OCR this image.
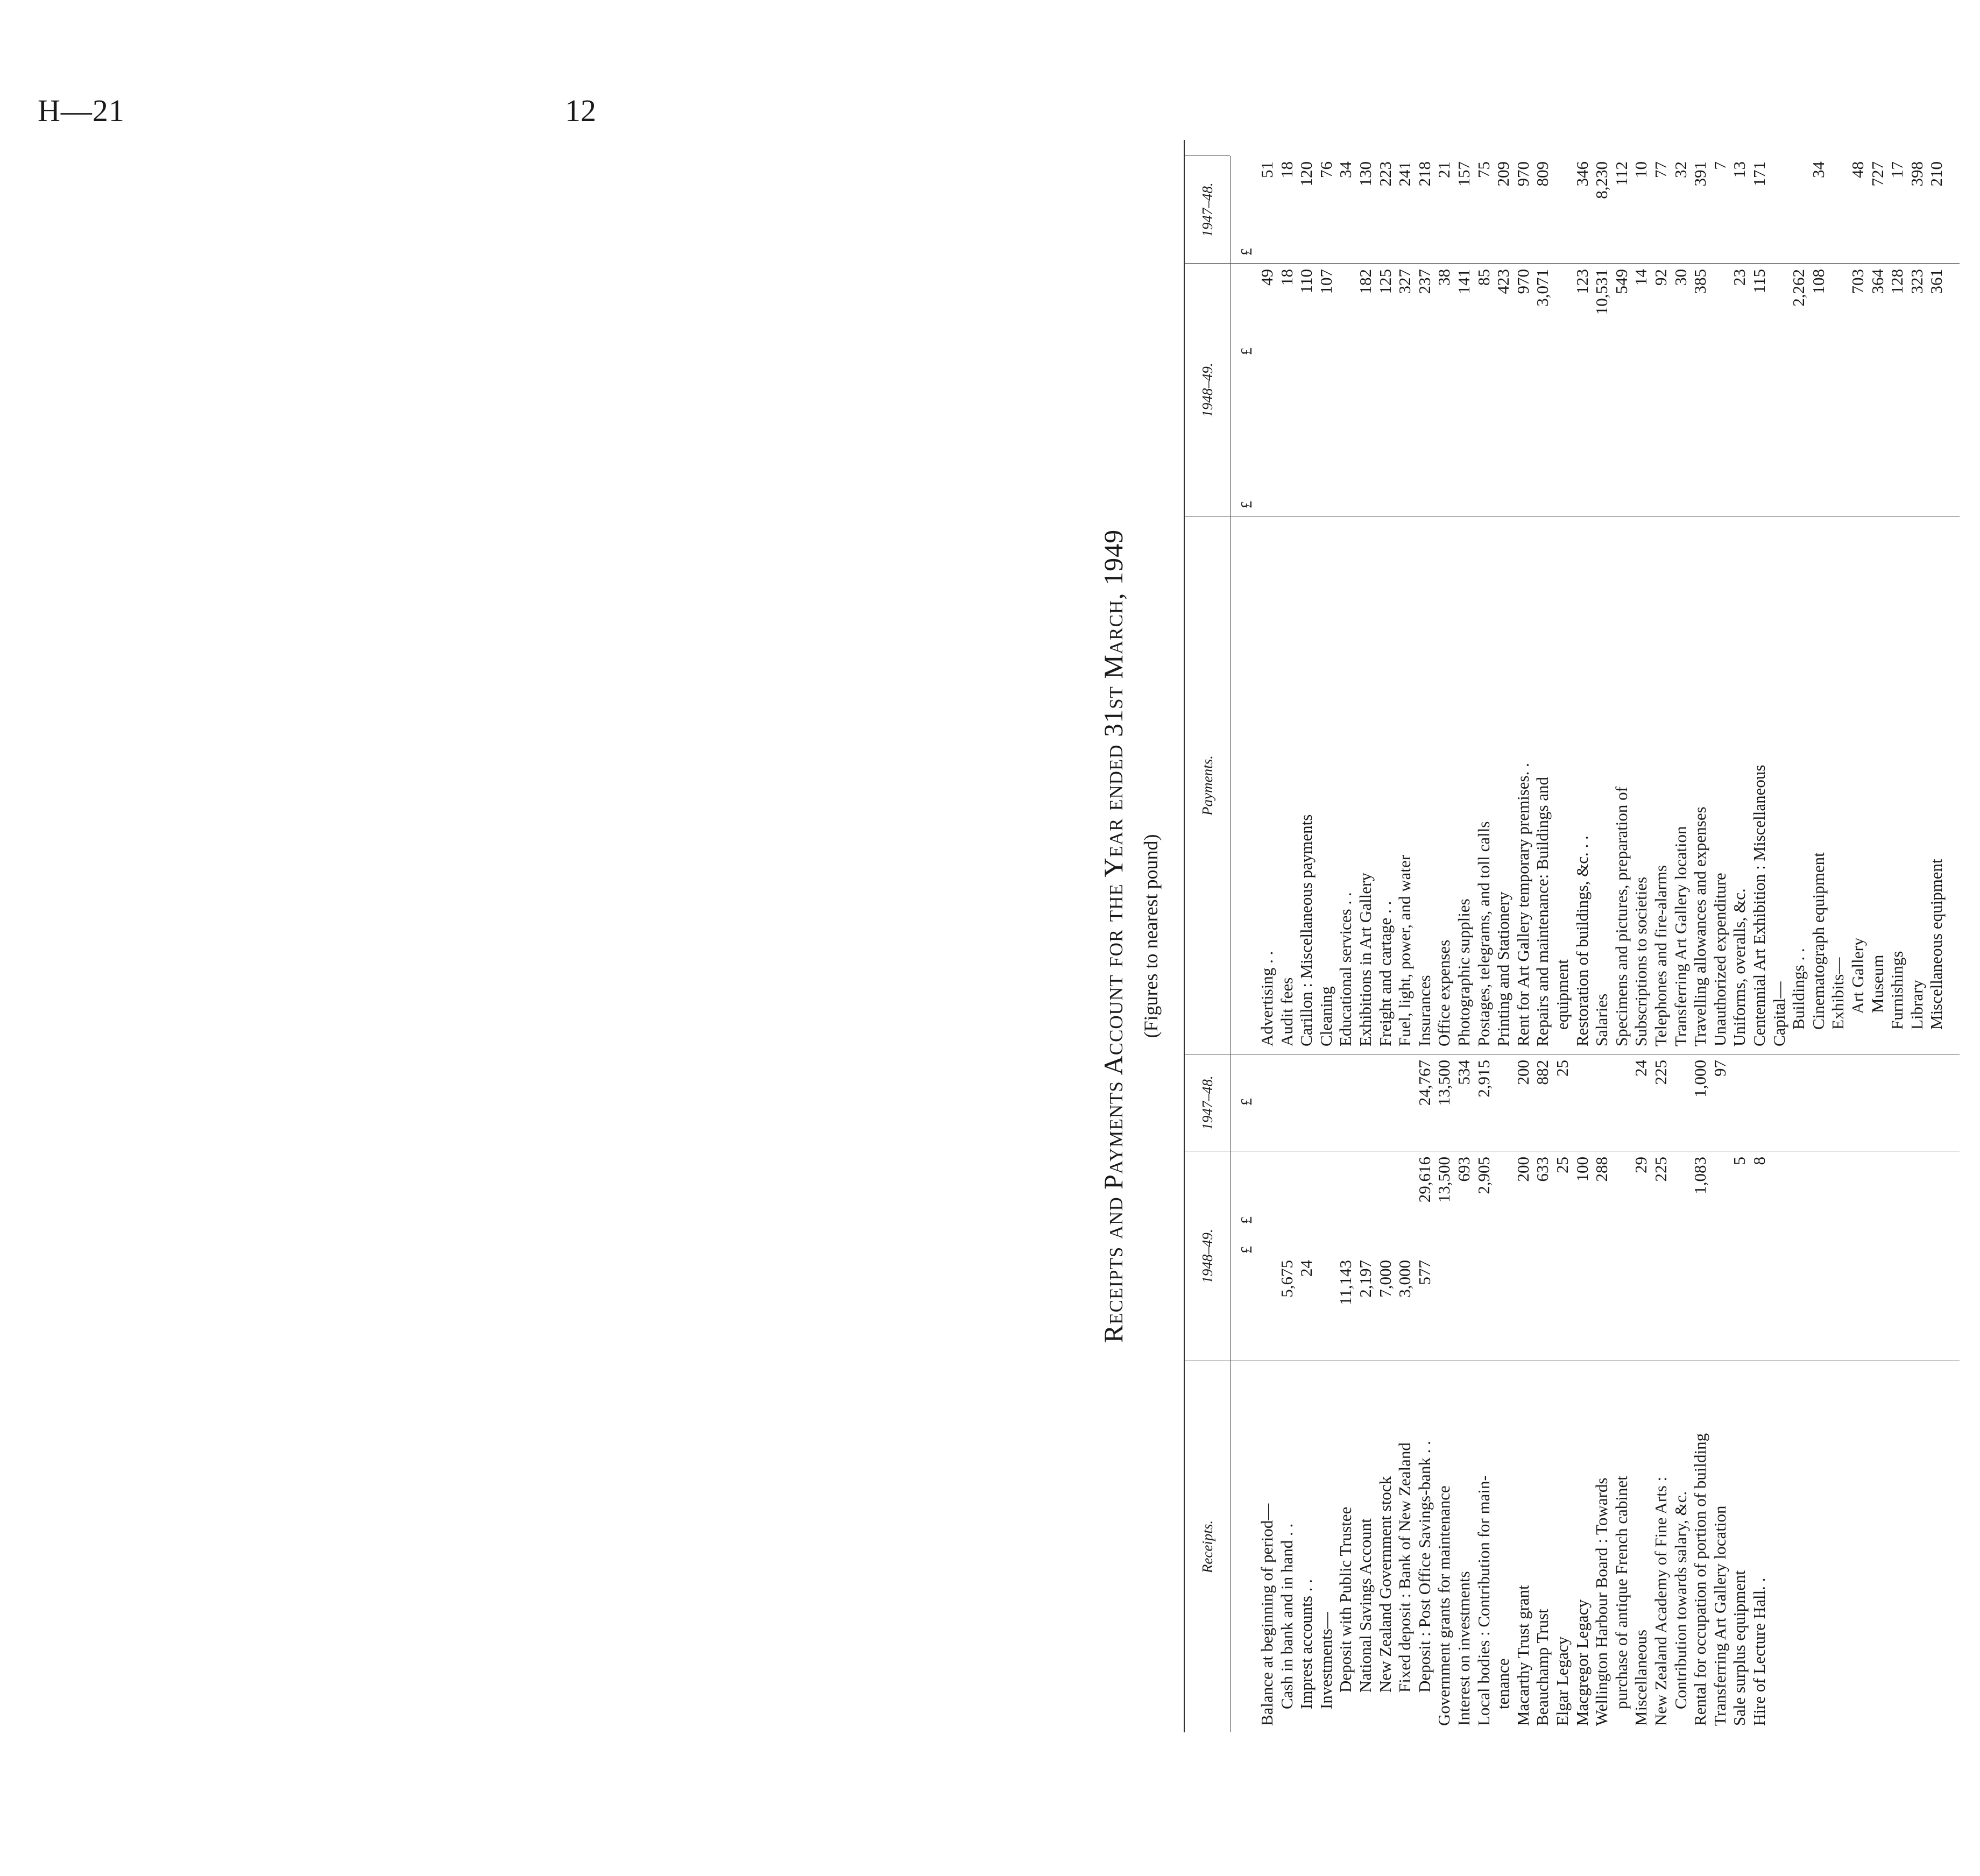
H—21	12
Receipts and Payments Account for the Year ended 31st March, 1949 (Figures to nearest pound)
Receipts.
1948–49.
1947–48.
Payments.
1948–49.
1947–48.
£
£
£
£
£
£
Balance at beginning of period— Cash in bank and in hand . .
5,675
Imprest accounts . .
24
Investments— Deposit with Public Trustee
11,143
National Savings Account
2,197
New Zealand Government stock
7,000
Fixed deposit : Bank of New Zealand
3,000
Deposit : Post Office Savings-bank . .
577
29,616
24,767
Government grants for maintenance
13,500
13,500
Interest on investments
693
534
Local bodies : Contribution for main-
2,905
2,915
tenance Macarthy Trust grant
200
200
Beauchamp Trust
633
882
Elgar Legacy
25
25
Macgregor Legacy
100
Wellington Harbour Board : Towards
288
purchase of antique French cabinet Miscellaneous
29
24
New Zealand Academy of Fine Arts :
225
225
Contribution towards salary, &c. Rental for occupation of portion of building
1,083
1,000
Transferring Art Gallery location
97
Sale surplus equipment
5
Hire of Lecture Hall. .
8
Advertising . .
49
51
Audit fees
18
18
Carillon : Miscellaneous payments
110
120
Cleaning
107
76
Educational services . .
34
Exhibitions in Art Gallery
182
130
Freight and cartage . .
125
223
Fuel, light, power, and water
327
241
Insurances
237
218
Office expenses
38
21
Photographic supplies
141
157
Postages, telegrams, and toll calls
85
75
Printing and Stationery
423
209
Rent for Art Gallery temporary premises. .
970
970
Repairs and maintenance: Buildings and
3,071
809
equipment Restoration of buildings, &c. . .
123
346
Salaries
10,531
8,230
Specimens and pictures, preparation of
549
112
Subscriptions to societies
14
10
Telephones and fire-alarms
92
77
Transferring Art Gallery location
30
32
Travelling allowances and expenses
385
391
Unauthorized expenditure
7
Uniforms, overalls, &c.
23
13
Centennial Art Exhibition : Miscellaneous
115
171
Capital— Buildings . .
2,262
Cinematograph equipment
108
34
Exhibits— Art Gallery
703
48
Museum
364
727
Furnishings
128
17
Library
323
398
Miscellaneous equipment
361
210
